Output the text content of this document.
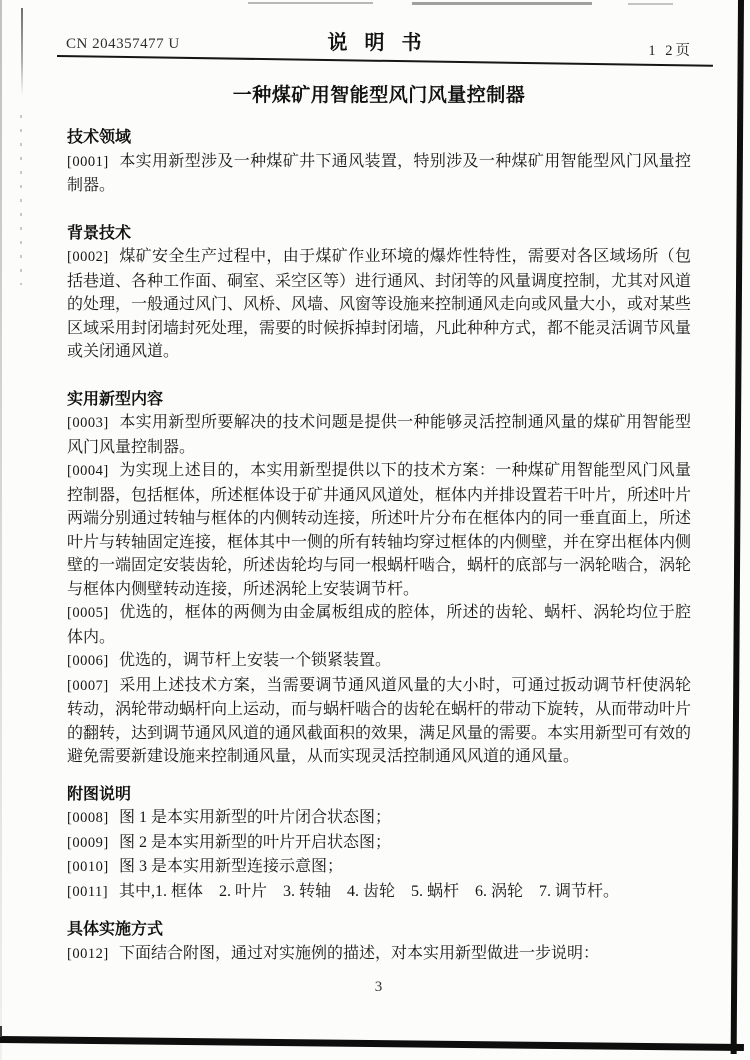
CN 204357477 U	说明书	1 2页
一种煤矿用智能型风门风量控制器
技术领域

[0001] 本实用新型涉及一种煤矿井下通风装置，特别涉及一种煤矿用智能型风门风量控制器。

背景技术

[0002] 煤矿安全生产过程中，由于煤矿作业环境的爆炸性特性，需要对各区域场所（包括巷道、各种工作面、硐室、采空区等）进行通风、封闭等的风量调度控制，尤其对风道的处理，一般通过风门、风桥、风墙、风窗等设施来控制通风走向或风量大小，或对某些区域采用封闭墙封死处理，需要的时候拆掉封闭墙，凡此种种方式，都不能灵活调节风量或关闭通风道。

实用新型内容

[0003] 本实用新型所要解决的技术问题是提供一种能够灵活控制通风量的煤矿用智能型风门风量控制器。

[0004] 为实现上述目的，本实用新型提供以下的技术方案：一种煤矿用智能型风门风量控制器，包括框体，所述框体设于矿井通风风道处，框体内并排设置若干叶片，所述叶片两端分别通过转轴与框体的内侧转动连接，所述叶片分布在框体内的同一垂直面上，所述叶片与转轴固定连接，框体其中一侧的所有转轴均穿过框体的内侧壁，并在穿出框体内侧壁的一端固定安装齿轮，所述齿轮均与同一根蜗杆啮合，蜗杆的底部与一涡轮啮合，涡轮与框体内侧壁转动连接，所述涡轮上安装调节杆。

[0005] 优选的，框体的两侧为由金属板组成的腔体，所述的齿轮、蜗杆、涡轮均位于腔体内。

[0006] 优选的，调节杆上安装一个锁紧装置。

[0007] 采用上述技术方案，当需要调节通风道风量的大小时，可通过扳动调节杆使涡轮转动，涡轮带动蜗杆向上运动，而与蜗杆啮合的齿轮在蜗杆的带动下旋转，从而带动叶片的翻转，达到调节通风风道的通风截面积的效果，满足风量的需要。本实用新型可有效的避免需要新建设施来控制通风量，从而实现灵活控制通风风道的通风量。

附图说明

[0008] 图 1 是本实用新型的叶片闭合状态图；

[0009] 图 2 是本实用新型的叶片开启状态图；

[0010] 图 3 是本实用新型连接示意图；

[0011] 其中,1. 框体　2. 叶片　3. 转轴　4. 齿轮　5. 蜗杆　6. 涡轮　7. 调节杆。

具体实施方式

[0012] 下面结合附图，通过对实施例的描述，对本实用新型做进一步说明：

3
